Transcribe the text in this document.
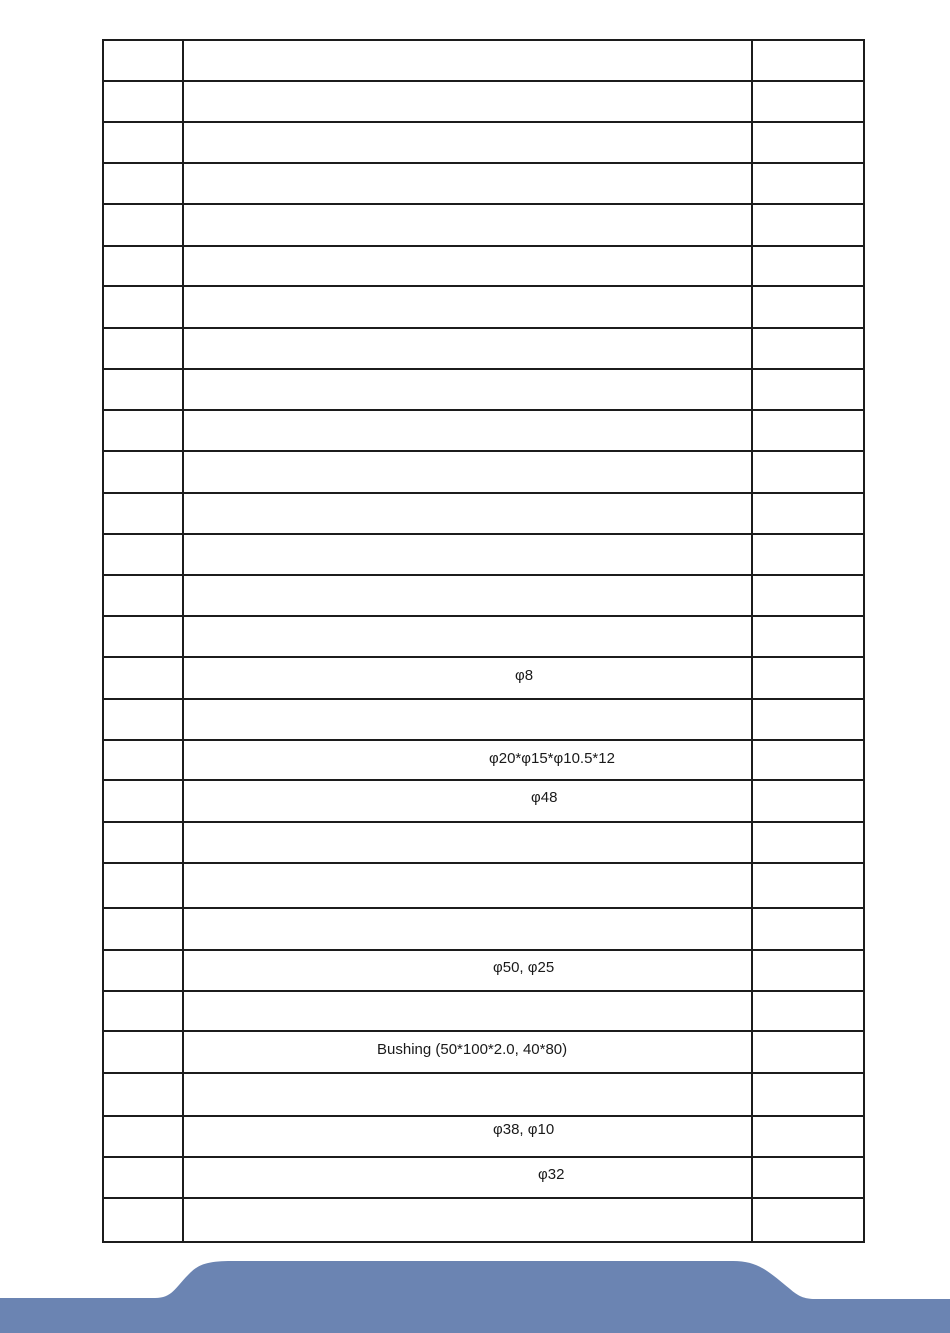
	φ8	

	φ20*φ15*φ10.5*12	
	φ48	

	φ50, φ25	

	Bushing (50*100*2.0, 40*80)	

	φ38, φ10	
	φ32	
